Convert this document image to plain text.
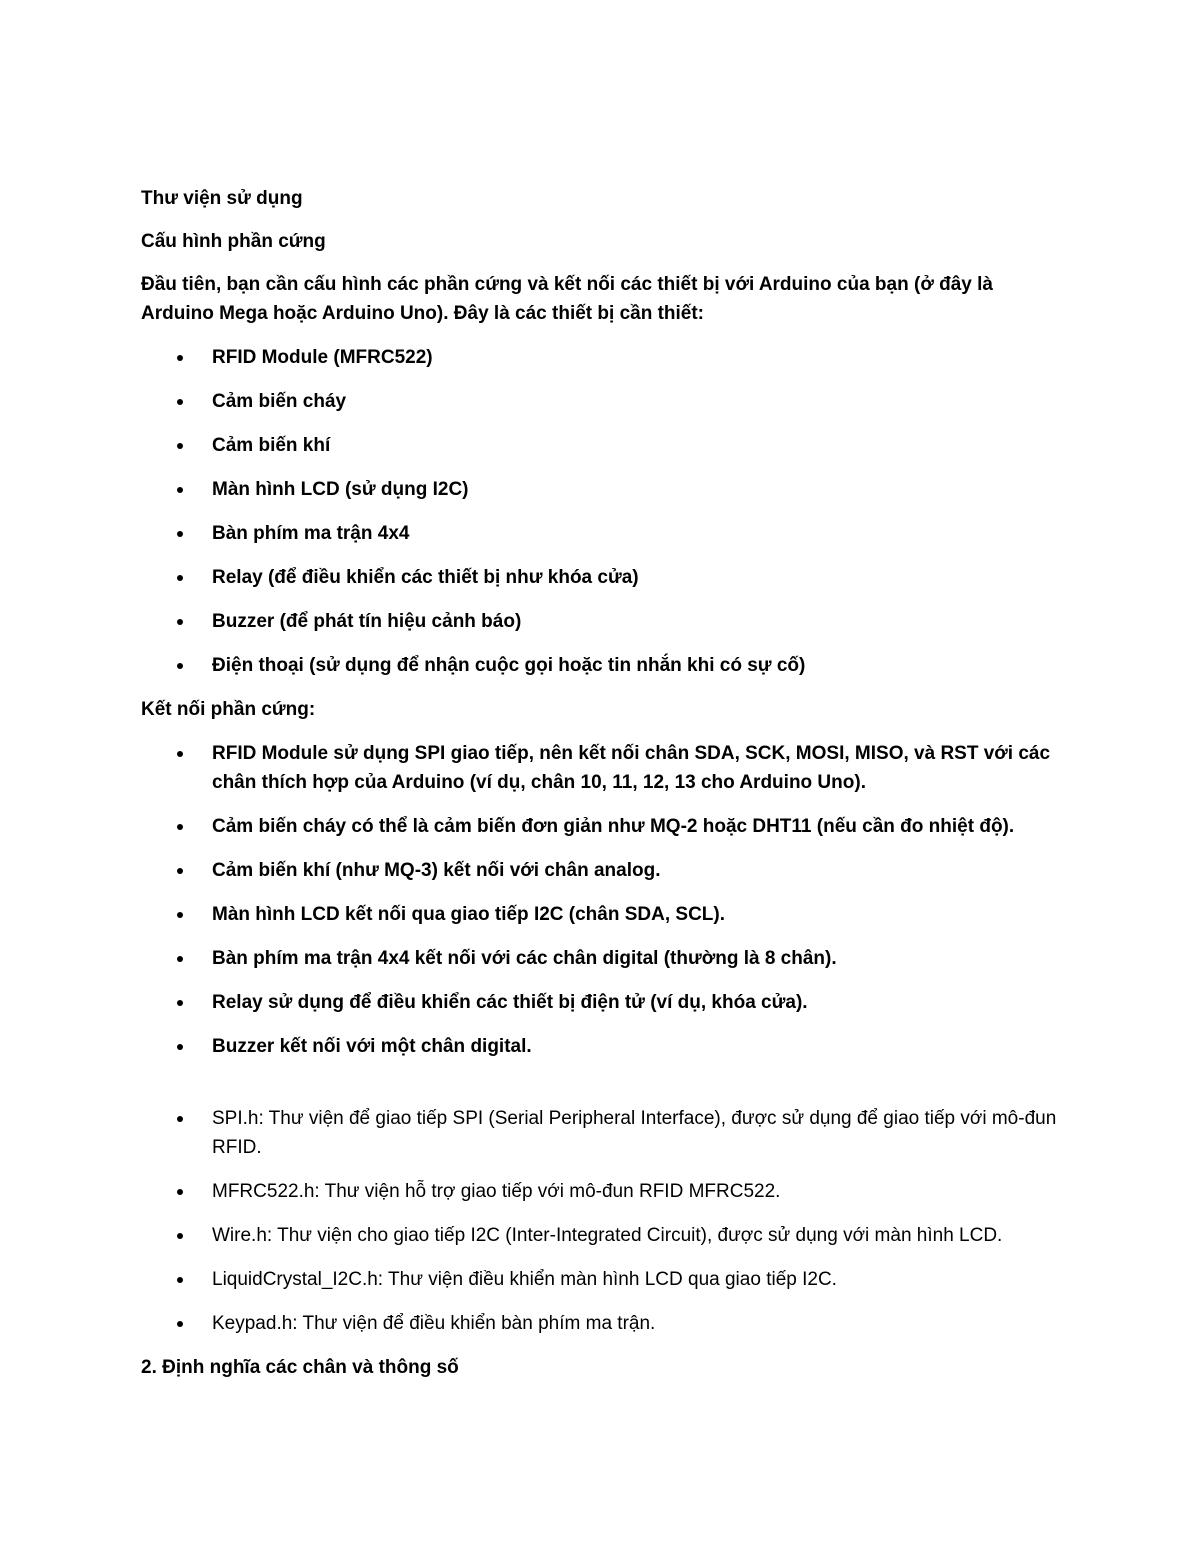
Thư viện sử dụng

Cấu hình phần cứng

Đầu tiên, bạn cần cấu hình các phần cứng và kết nối các thiết bị với Arduino của bạn (ở đây là Arduino Mega hoặc Arduino Uno). Đây là các thiết bị cần thiết:

RFID Module (MFRC522)
Cảm biến cháy
Cảm biến khí
Màn hình LCD (sử dụng I2C)
Bàn phím ma trận 4x4
Relay (để điều khiển các thiết bị như khóa cửa)
Buzzer (để phát tín hiệu cảnh báo)
Điện thoại (sử dụng để nhận cuộc gọi hoặc tin nhắn khi có sự cố)

Kết nối phần cứng:

RFID Module sử dụng SPI giao tiếp, nên kết nối chân SDA, SCK, MOSI, MISO, và RST với các chân thích hợp của Arduino (ví dụ, chân 10, 11, 12, 13 cho Arduino Uno).
Cảm biến cháy có thể là cảm biến đơn giản như MQ-2 hoặc DHT11 (nếu cần đo nhiệt độ).
Cảm biến khí (như MQ-3) kết nối với chân analog.
Màn hình LCD kết nối qua giao tiếp I2C (chân SDA, SCL).
Bàn phím ma trận 4x4 kết nối với các chân digital (thường là 8 chân).
Relay sử dụng để điều khiển các thiết bị điện tử (ví dụ, khóa cửa).
Buzzer kết nối với một chân digital.
SPI.h: Thư viện để giao tiếp SPI (Serial Peripheral Interface), được sử dụng để giao tiếp với mô-đun RFID.
MFRC522.h: Thư viện hỗ trợ giao tiếp với mô-đun RFID MFRC522.
Wire.h: Thư viện cho giao tiếp I2C (Inter-Integrated Circuit), được sử dụng với màn hình LCD.
LiquidCrystal_I2C.h: Thư viện điều khiển màn hình LCD qua giao tiếp I2C.
Keypad.h: Thư viện để điều khiển bàn phím ma trận.

2. Định nghĩa các chân và thông số
